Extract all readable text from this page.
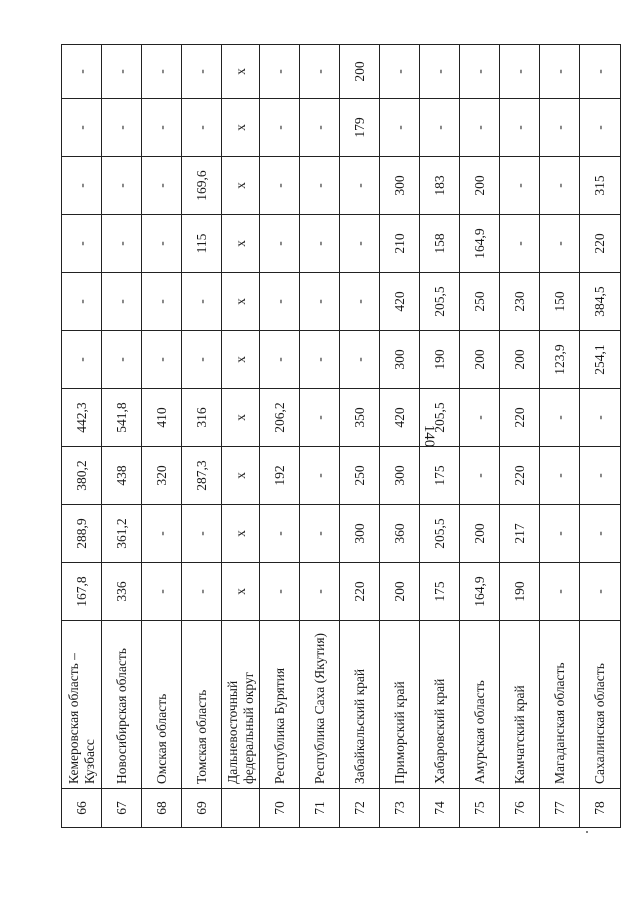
140
66	Кемеровская область – Кузбасс	167,8	288,9	380,2	442,3	-	-	-	-	-	-
67	Новосибирская область	336	361,2	438	541,8	-	-	-	-	-	-
68	Омская область	-	-	320	410	-	-	-	-	-	-
69	Томская область	-	-	287,3	316	-	-	115	169,6	-	-
	Дальневосточный федеральный округ	х	х	х	х	х	х	х	х	х	х
70	Республика Бурятия	-	-	192	206,2	-	-	-	-	-	-
71	Республика Саха (Якутия)	-	-	-	-	-	-	-	-	-	-
72	Забайкальский край	220	300	250	350	-	-	-	-	179	200
73	Приморский край	200	360	300	420	300	420	210	300	-	-
74	Хабаровский край	175	205,5	175	205,5	190	205,5	158	183	-	-
75	Амурская область	164,9	200	-	-	200	250	164,9	200	-	-
76	Камчатский край	190	217	220	220	200	230	-	-	-	-
77	Магаданская область	-	-	-	-	123,9	150	-	-	-	-
78	Сахалинская область	-	-	-	-	254,1	384,5	220	315	-	-
